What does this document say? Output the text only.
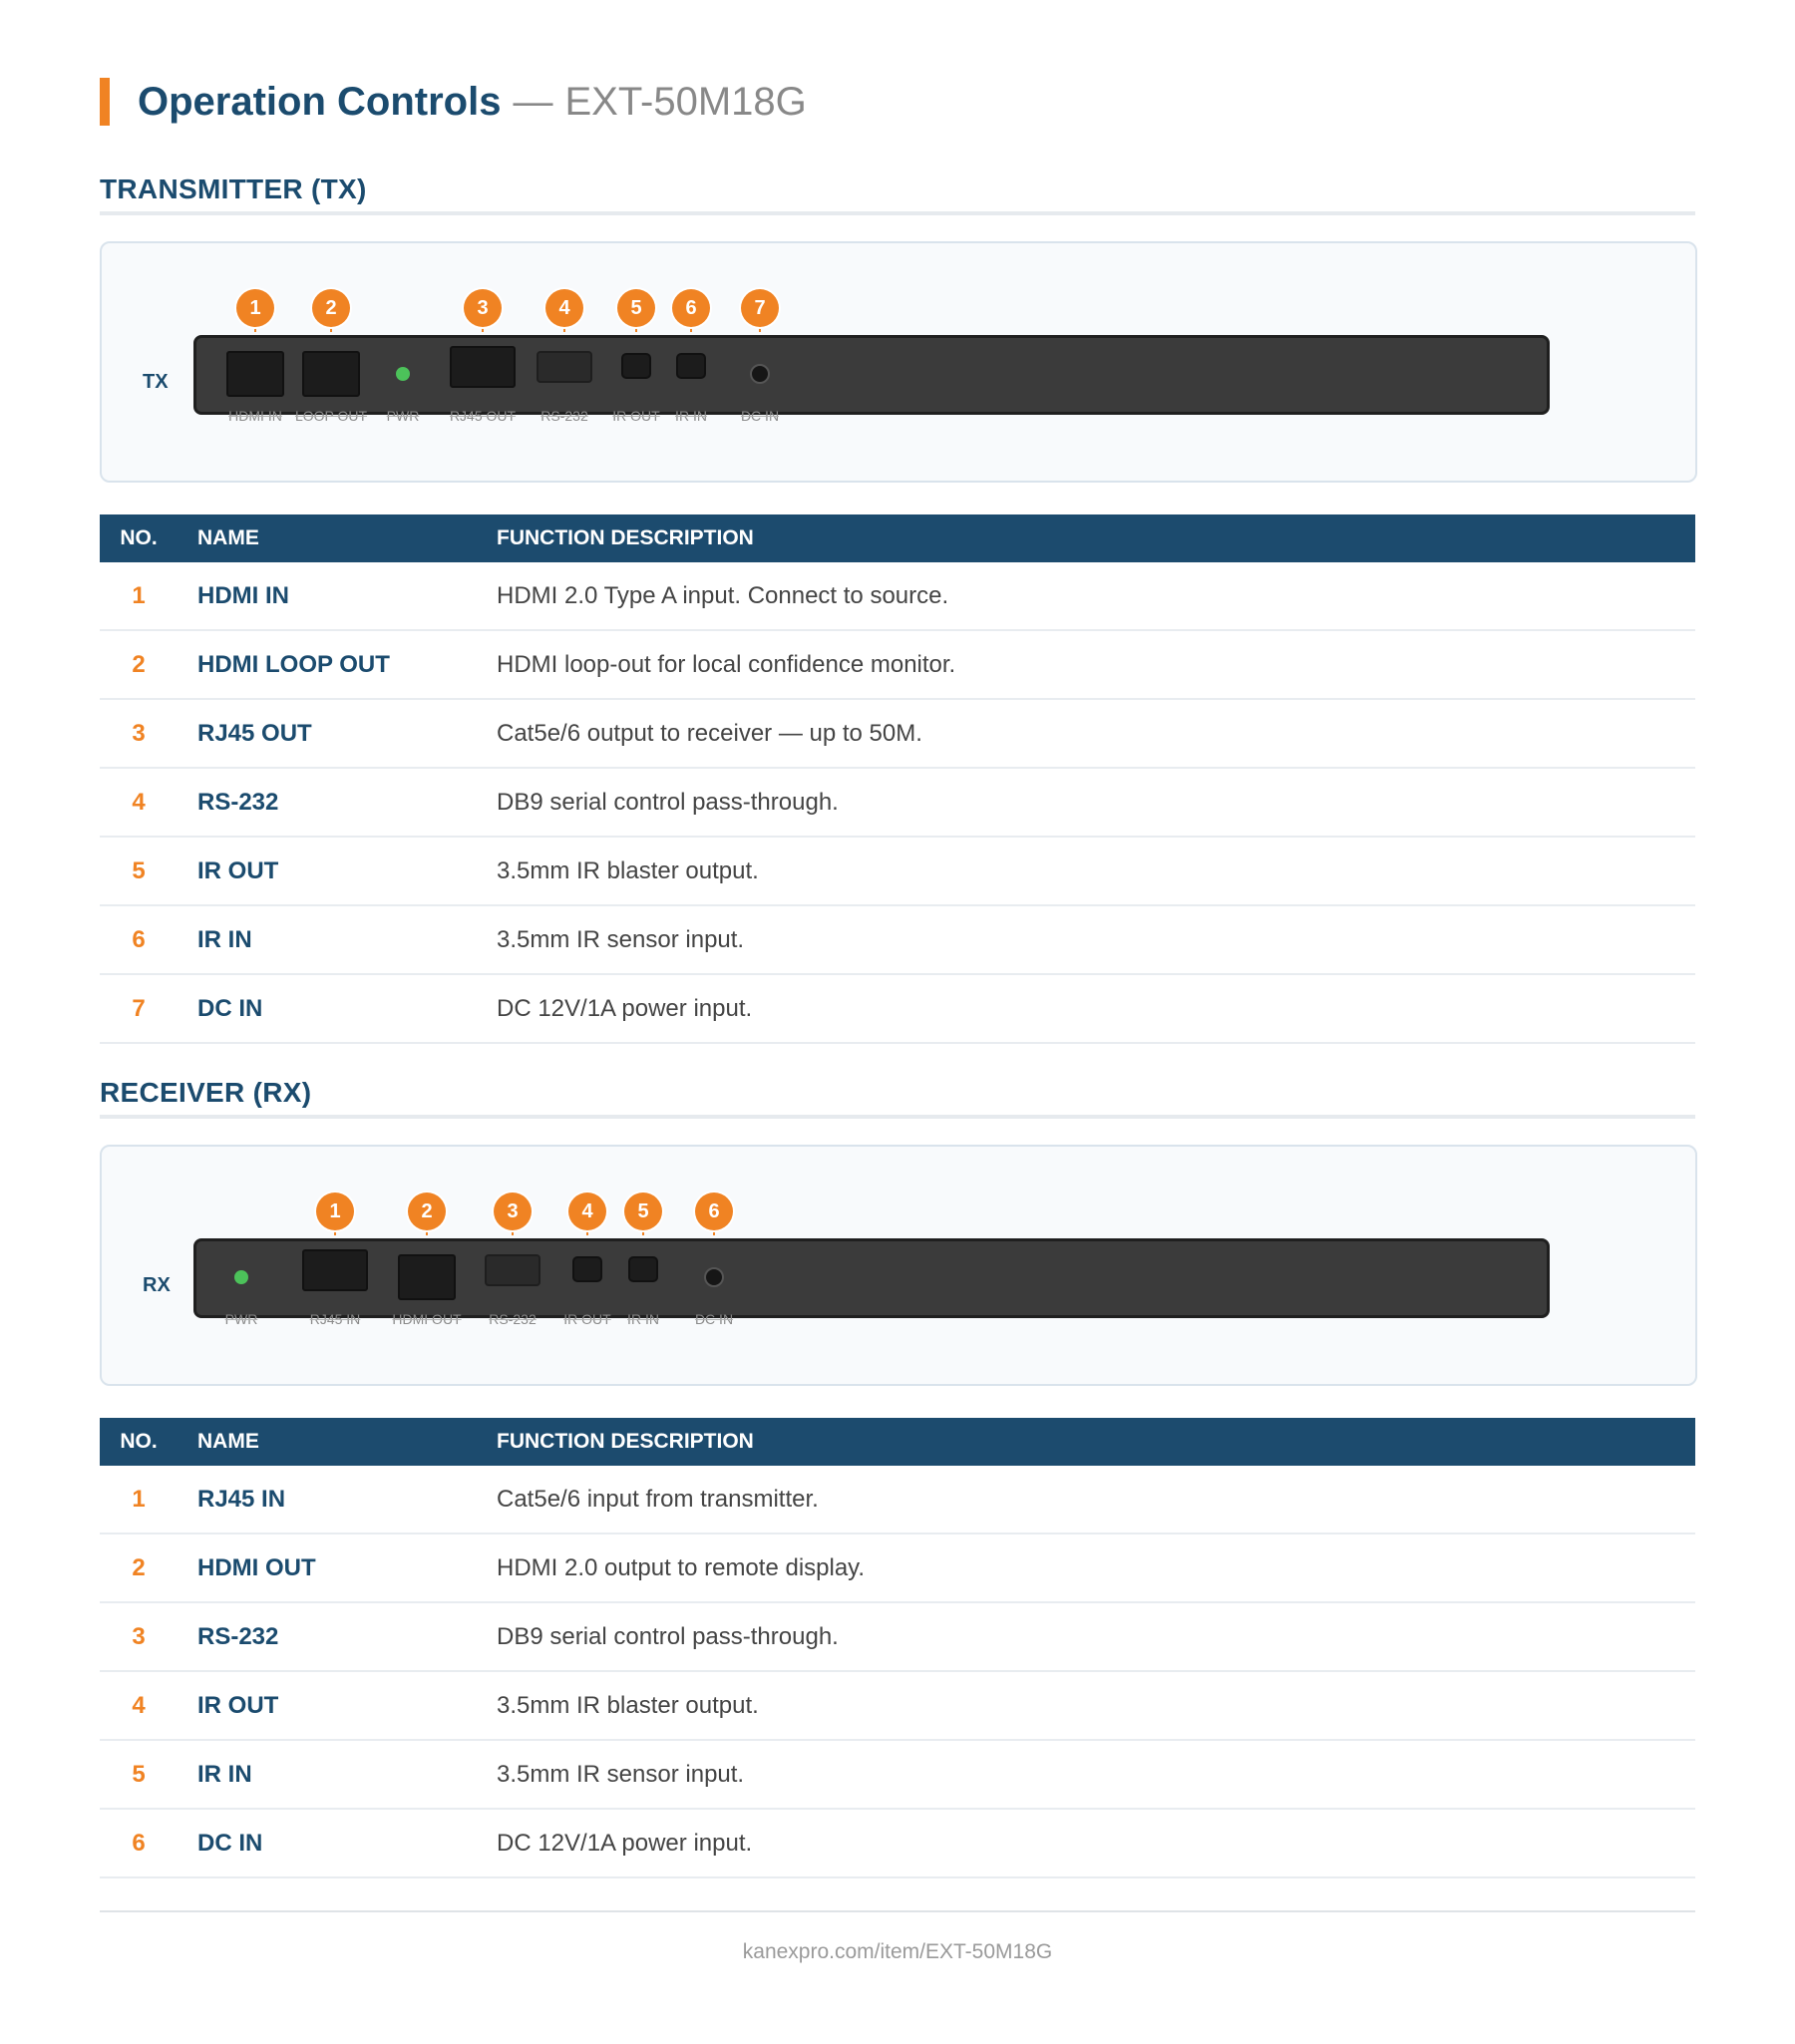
Operation Controls — EXT-50M18G
TRANSMITTER (TX)
TX
HDMI IN LOOP OUT PWR RJ45 OUT RS-232 IR OUT IR IN DC IN
1	2	3	4	5	6	7
NO.	NAME	FUNCTION DESCRIPTION
1	HDMI IN	HDMI 2.0 Type A input. Connect to source.
2	HDMI LOOP OUT	HDMI loop-out for local confidence monitor.
3	RJ45 OUT	Cat5e/6 output to receiver — up to 50M.
4	RS-232	DB9 serial control pass-through.
5	IR OUT	3.5mm IR blaster output.
6	IR IN	3.5mm IR sensor input.
7	DC IN	DC 12V/1A power input.
RECEIVER (RX)
RX
PWR	RJ45 IN HDMI OUT RS-232 IR OUT IR IN	DC IN
1	2	3	4	5	6
NO.	NAME	FUNCTION DESCRIPTION
1	RJ45 IN	Cat5e/6 input from transmitter.
2	HDMI OUT	HDMI 2.0 output to remote display.
3	RS-232	DB9 serial control pass-through.
4	IR OUT	3.5mm IR blaster output.
5	IR IN	3.5mm IR sensor input.
6	DC IN	DC 12V/1A power input.
kanexpro.com/item/EXT-50M18G
